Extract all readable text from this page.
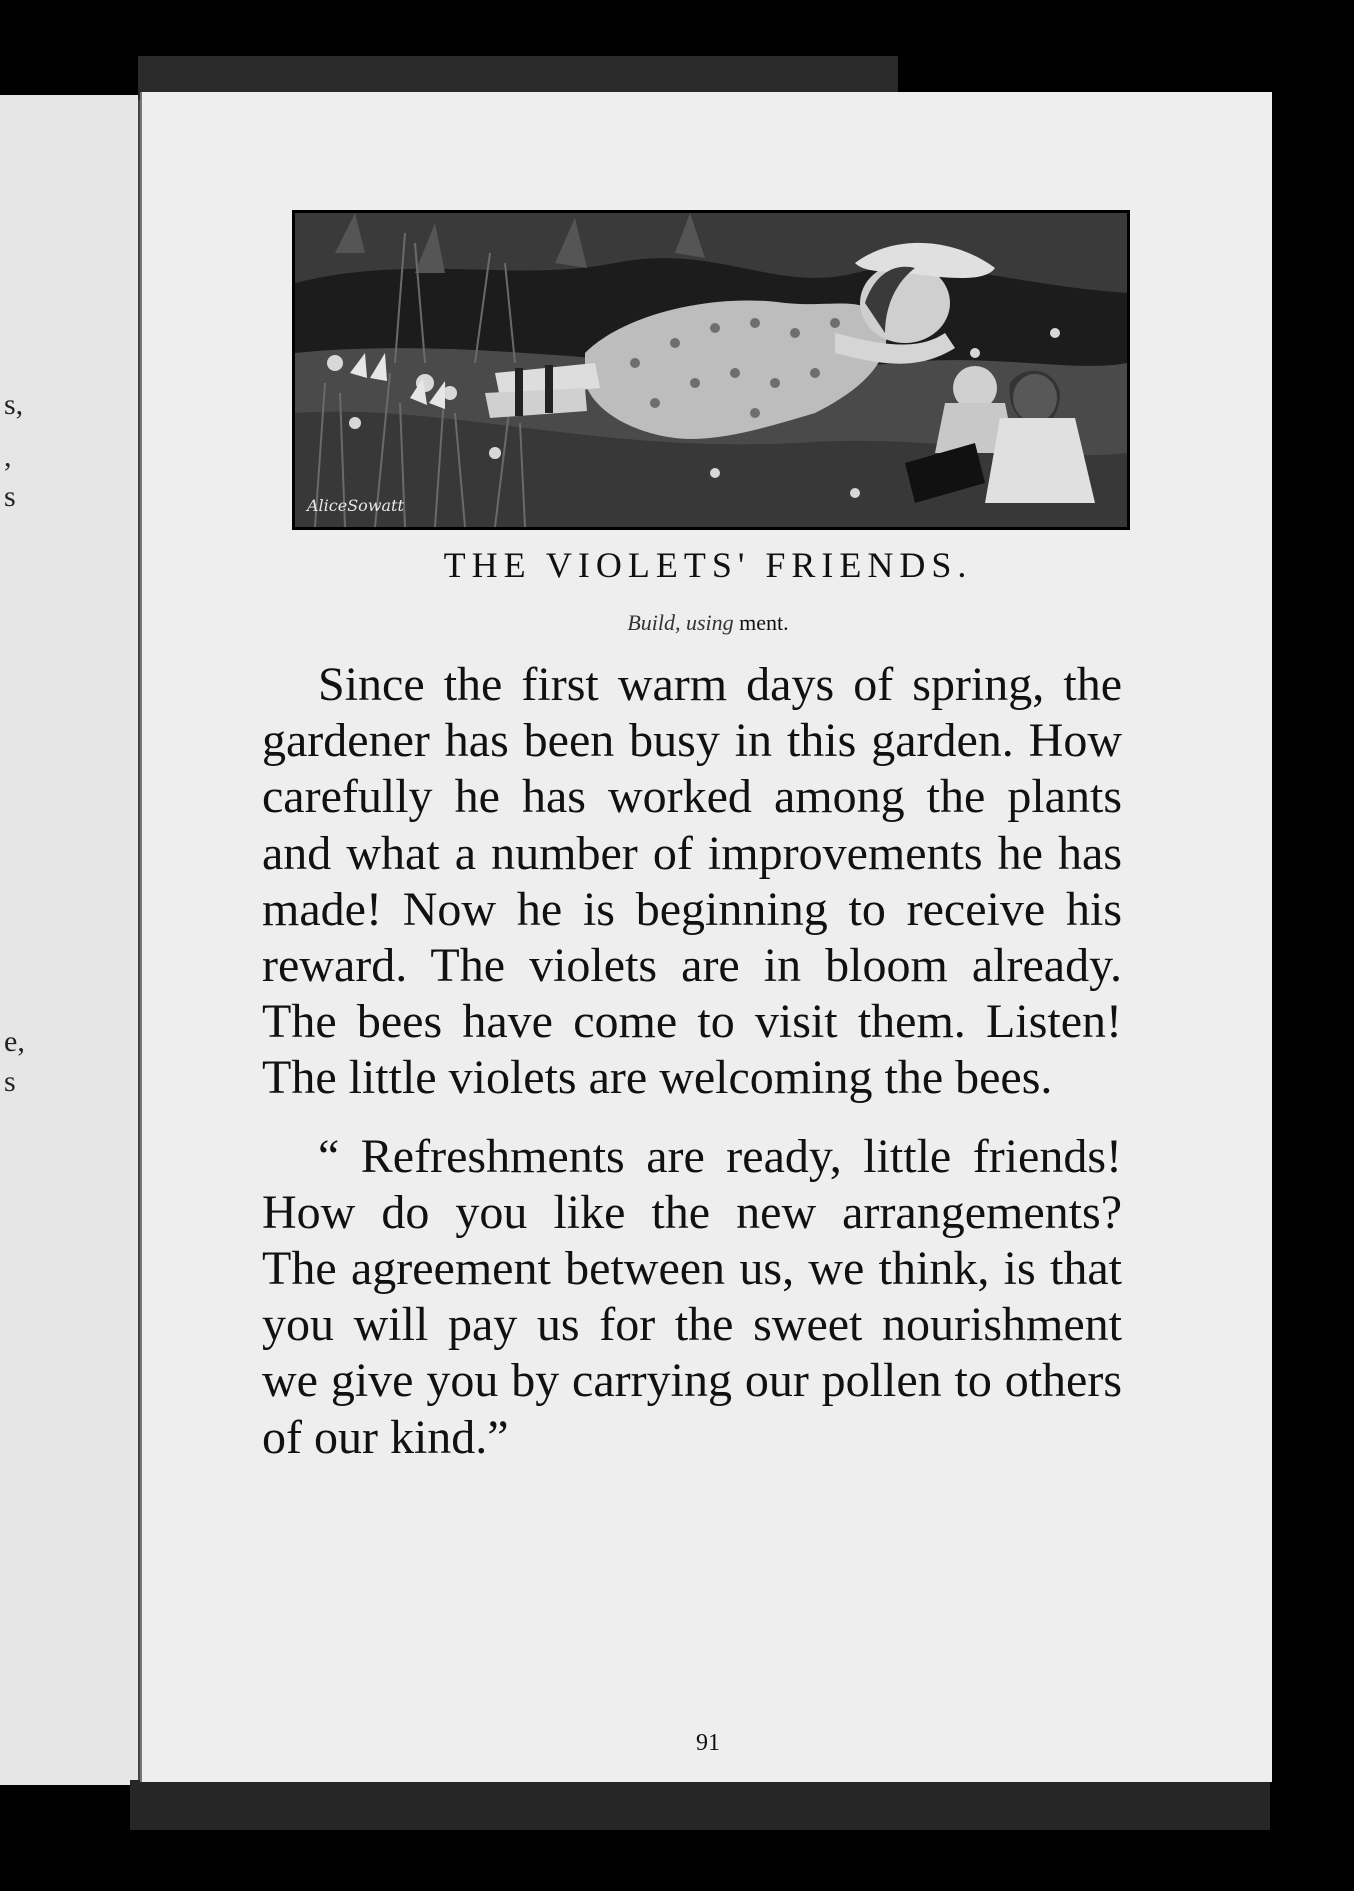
s,
,
s
e,
s
AliceSowatt
THE VIOLETS' FRIENDS.
Build, using ment.

Since the first warm days of spring, the gardener has been busy in this garden. How carefully he has worked among the plants and what a number of improvements he has made! Now he is beginning to receive his reward. The violets are in bloom already. The bees have come to visit them. Listen! The little violets are welcoming the bees.

“ Refreshments are ready, little friends! How do you like the new arrangements? The agreement between us, we think, is that you will pay us for the sweet nourishment we give you by carrying our pollen to others of our kind.”

91
